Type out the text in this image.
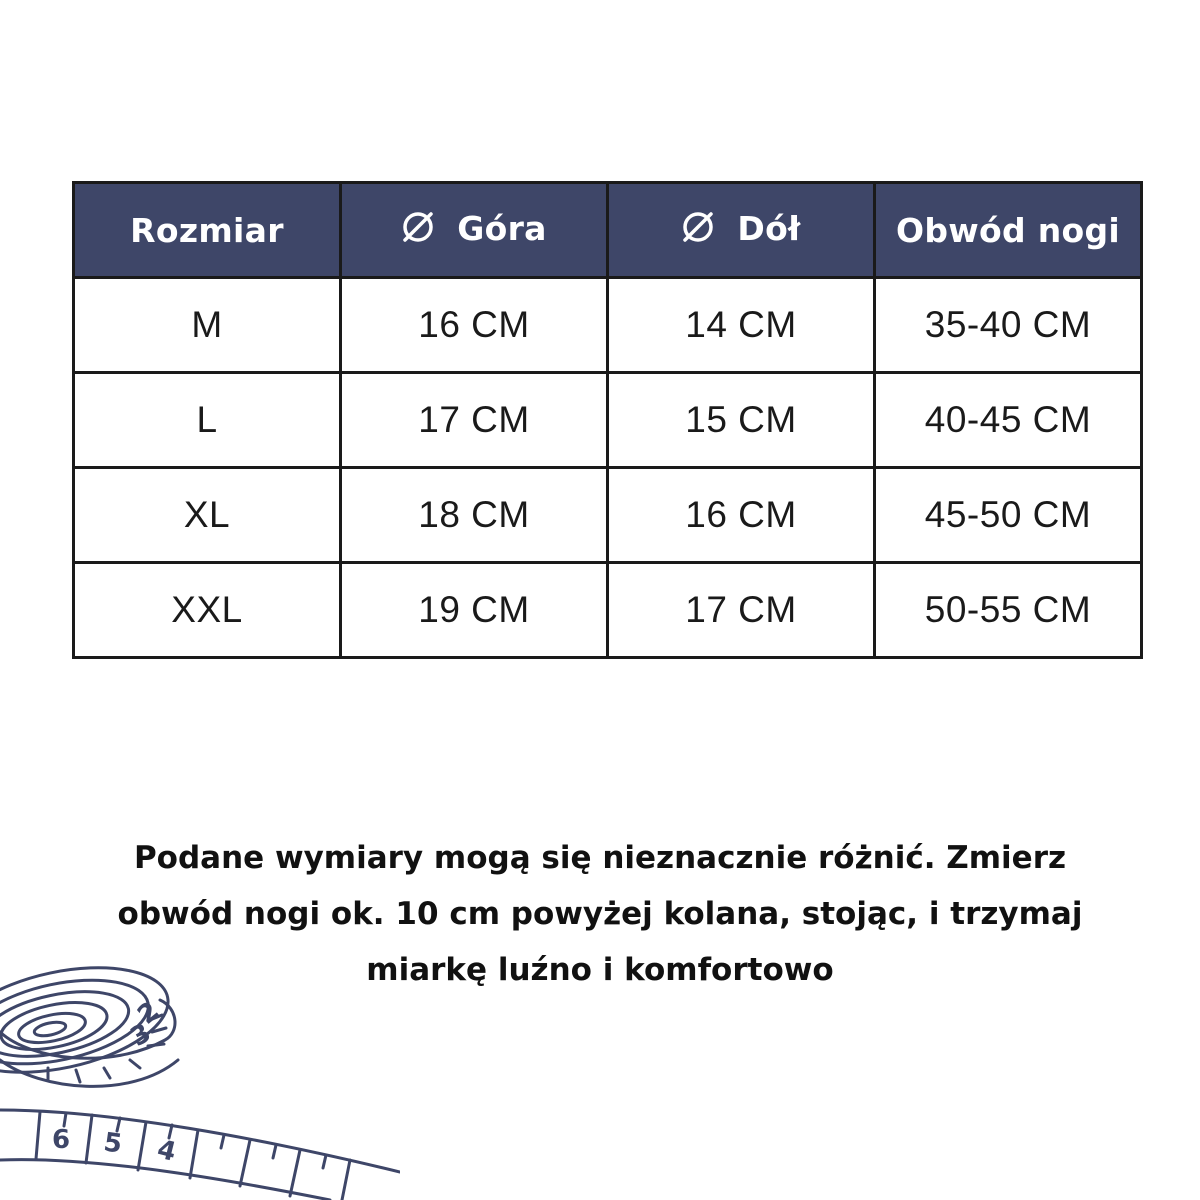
Rozmiar	Góra	Dół	Obwód nogi
M	16 CM	14 CM	35-40 CM
L	17 CM	15 CM	40-45 CM
XL	18 CM	16 CM	45-50 CM
XXL	19 CM	17 CM	50-55 CM
Podane wymiary mogą się nieznacznie różnić. Zmierz
obwód nogi ok. 10 cm powyżej kolana, stojąc, i trzymaj
miarkę luźno i komfortowo
6 5 4
3
2
